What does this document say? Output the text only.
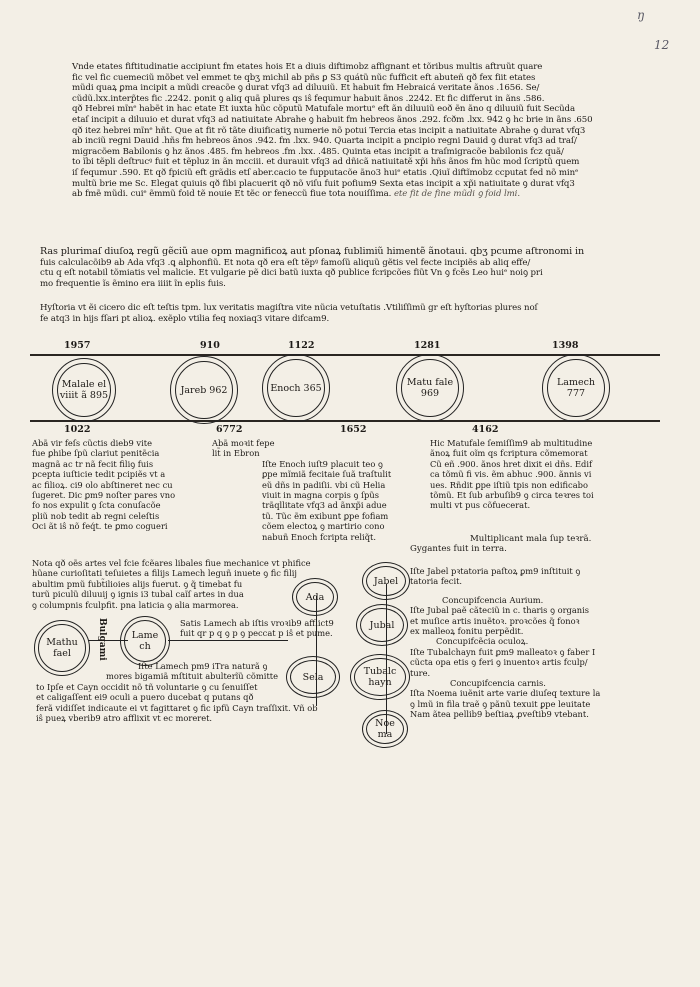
ŋ
12

Vnde etates fiftitudinatie accipiunt fm etates hois Et a diuis diftimobz affignant et tõribus multis aftruũt quare

fic vel fic cuemeciũ mõbet vel emmet te qbʒ michil ab pñs ꝑ S3 quátũ nũc fufficit eft abuteñ qð fex fiit etates

mũdi quaꝝ ꝑma incipit a mũdi creacõe ꝯ durat vfq3 ad diluuiũ. Et habuit fm Hebraicá veritate ãnos .1656. Se/

cũdũ.lxx.interp̃tes fic .2242. ponit ꝯ aliq quã plures qs iŝ fequmur habuit ãnos .2242. Et fic differut in ãns .586.

qð Hebrei mĩnᵉ habẽt in hac etate Et iuxta hũc cõputũ Matufale mortuᵉ eft ãn diluuiũ eoð ẽn ãno q diluuiũ fuit Secũda

etaſ incipit a diluuio et durat vfq3 ad natiuitate Abrahe ꝯ habuit fm hebreos ãnos .292. fcðm .lxx. 942 ꝯ hc brie in ãns .650

qð itez hebrei mĩnᵉ hñt. Que at fit rõ tãte diuificatiʒ numerie nõ potui Tercia etas incipit a natiuitate Abrahe ꝯ durat vfq3

ab inciũ regni Dauid .hñs fm hebreos ãnos .942. fm .lxx. 940. Quarta incipit a pncipio regni Dauid ꝯ durat vfq3 ad traſ/

migracõem Babilonis ꝯ hz ãnos .485. fm hebreos .fm .lxx. .485. Quinta etas incipit a traſmigracõe babilonis fcz quã/

to ĩbi tẽpli deſtrucꝰ fuit et tẽpluz in ãn mcciii. et durauit vfq3 ad dñicã natiuitatẽ xp̃i hñs ãnos fm hũc mod ſcriptũ quem

iſ fequmur .590. Et qð fpiciũ eft grãdis etſ aber.cacio te fupputacõe ãno3 huiᵉ etatis .Qiuĩ diftĩmobz ccputat fed nõ minᵉ

multũ brie me Sc. Elegat quiuis qð fibi placuerit qð nõ viſu fuit pofium9 Sexta etas incipit a xp̃i natiuitate ꝯ durat vfq3

ab fmẽ mũdi. cuiᵉ ẽmmũ foid tẽ nouie Et tẽc or feneccũ fiue tota nouiſſima. ete fit de fine mũdi ꝯ foid lmi.

Ras plurimaſ diuſoꝝ regũ gẽciũ aue opm magnificoꝝ aut pſonaꝝ fublimiũ himentẽ ãnotaui. qbʒ pcume aſtronomi in

fuis calculacõib9 ab Ada vfq3 .ꝗ alphonfiũ. Et nota qð era eſt tẽpꝰ famoſũ aliquũ gẽtis vel fecte incipiẽs ab aliq effe/

ctu q eſt notabil tõmiatis vel malicie. Et vulgarie pẽ dici batũ iuxta qð publice fcripcões fiũt Vn ꝯ fcẽs Leo huiᵉ noiꝯ pri

mo frequentie ĩs ẽmino era iiiit ĩn eplis fuis.

Hyſtoria vt ẽi cicero dic eſt teſtis tpm. lux veritatis magiſtra vite nũcia vetuſtatis .Vtiliſſimũ gr eſt hyſtorias plures noſ

fe atq3 in hijs fſari pt alioꝝ. exẽplo vtilia feq noxiaq3 vitare difcam9.

1957	910	1122	1281	1398
Malale el viiit ã 895	Jareb 962	Enoch 365	Matu fale 969
Lamech 777
1022	6772	1652	4162

Abã vir feſs cũctis dieb9 vite

fue ꝑhibe ſpũ clariut penitẽcia

magnã ac tr nã fecit filiꝯ fuis

pcepta iuſticie tedit pcipiẽs vt a

ac filioꝝ. ci9 olo abſtineret nec cu

ſugeret. Dic ꝑm9 noſter pares vno

fo nos expulit ꝯ ſcta conuſacõe

pliũ nob tedit ab regni celeſtis

Oci ãt iŝ nõ feq́t. te ꝑmo cogueri

Abã moꝛit fepe

lit̃ in Ebron

Iſte Enoch iuſt9 placuit teo ꝯ

ꝑpe mĩmiã fecitaie ſuã traſtulit

eũ dñs in padiſii. vbi cũ Helia

viuit in magna corpis ꝯ ſpũs

trãqllitate vfq3 ad ãnxp̃i adue

tũ. Tũc ẽm exibunt ꝑpe fofiam

cõem electoꝝ ꝯ martirio cono

nabuñ Enoch fcripta reliq̃t.

Hic Matufale ſemiſſim9 ab multitudine

ãnoꝝ fuit oĩm qs fcriptura cõmemorat

Cũ eñ .900. ãnos hret dixit ei dñs. Edif

ca tõmũ fi vis. ẽm abhuc .900. ãnnis vi

ues. Rñdit ꝑpe iſtiũ tpis non edificabo

tõmũ. Et ſub arbuſib9 ꝯ circa teꝛres toi

multi vt pus cõfuecerat.

Multiplicant mala ſup teꝛrã.

Gygantes fuit in terra.

Nota qð oẽs artes vel fcie fcẽares libales fiue mechanice vt phifice

hũane curioſitati teſuietes a filijs Lamech leguñ inuete ꝯ fic filij

abultim pmũ fubt̃ilioies alijs fuerut. ꝯ q̃ timebat fu

turũ piculũ diluuij ꝯ ignis i3 tubal caĩſ artes in dua

ꝯ columpnis fculpfit. pna laticia ꝯ alia marmorea.

Mathu fael	Bulgami	Lame ch
Ada
Sela

Satis Lamech ab iſtis vroꝛib9 afflict9

fuit qr p q ꝯ p ꝯ peccat p iŝ et pume.

Iſte Lamech pm9 iTra naturã ꝯ

mores bigamiã mſtituit abulterĩũ cõmitte

to Ipſe et Cayn occidit nõ tñ voluntarie ꝯ cu ſenuiſſet

et caligaſſent ei9 oculi a puero ducebat q putans qð

ferã vidiſſet indicaute ei vt fagittaret ꝯ fic ipfũ Cayn traſſixit. Vñ ob

iŝ pueꝝ vberib9 atro afflixit vt ec moreret.

Jabel
Jubal
Tubalc hayn
Noe ma

Iſte Jabel pꝛtatoria paſtoꝝ ꝑm9 inſtituit ꝯ

tatoria fecit.

Concupifcencia Aurium.

Iſte Jubal paẽ cãteciũ in c. tharis ꝯ organis

et muſice artis inuẽtoꝛ. proꝛcões q̃ fonoꝛ

ex malleoꝝ fonitu perpẽdit.

Concupifcẽcia oculoꝝ.

Iſte Tubalchayn fuit ꝑm9 malleatoꝛ ꝯ faber I

cũcta opa etis ꝯ feri ꝯ inuentoꝛ artis fculp/

ture.

Concupifcencia carnis.

Iſta Noema iuẽnit arte varie diuſeq texture la

ꝯ lmũ in fila traẽ ꝯ pãnũ texuit ꝑpe leuitate

Nam ãtea pellib9 beſtiaꝝ ꝓveſtib9 vtebant.
